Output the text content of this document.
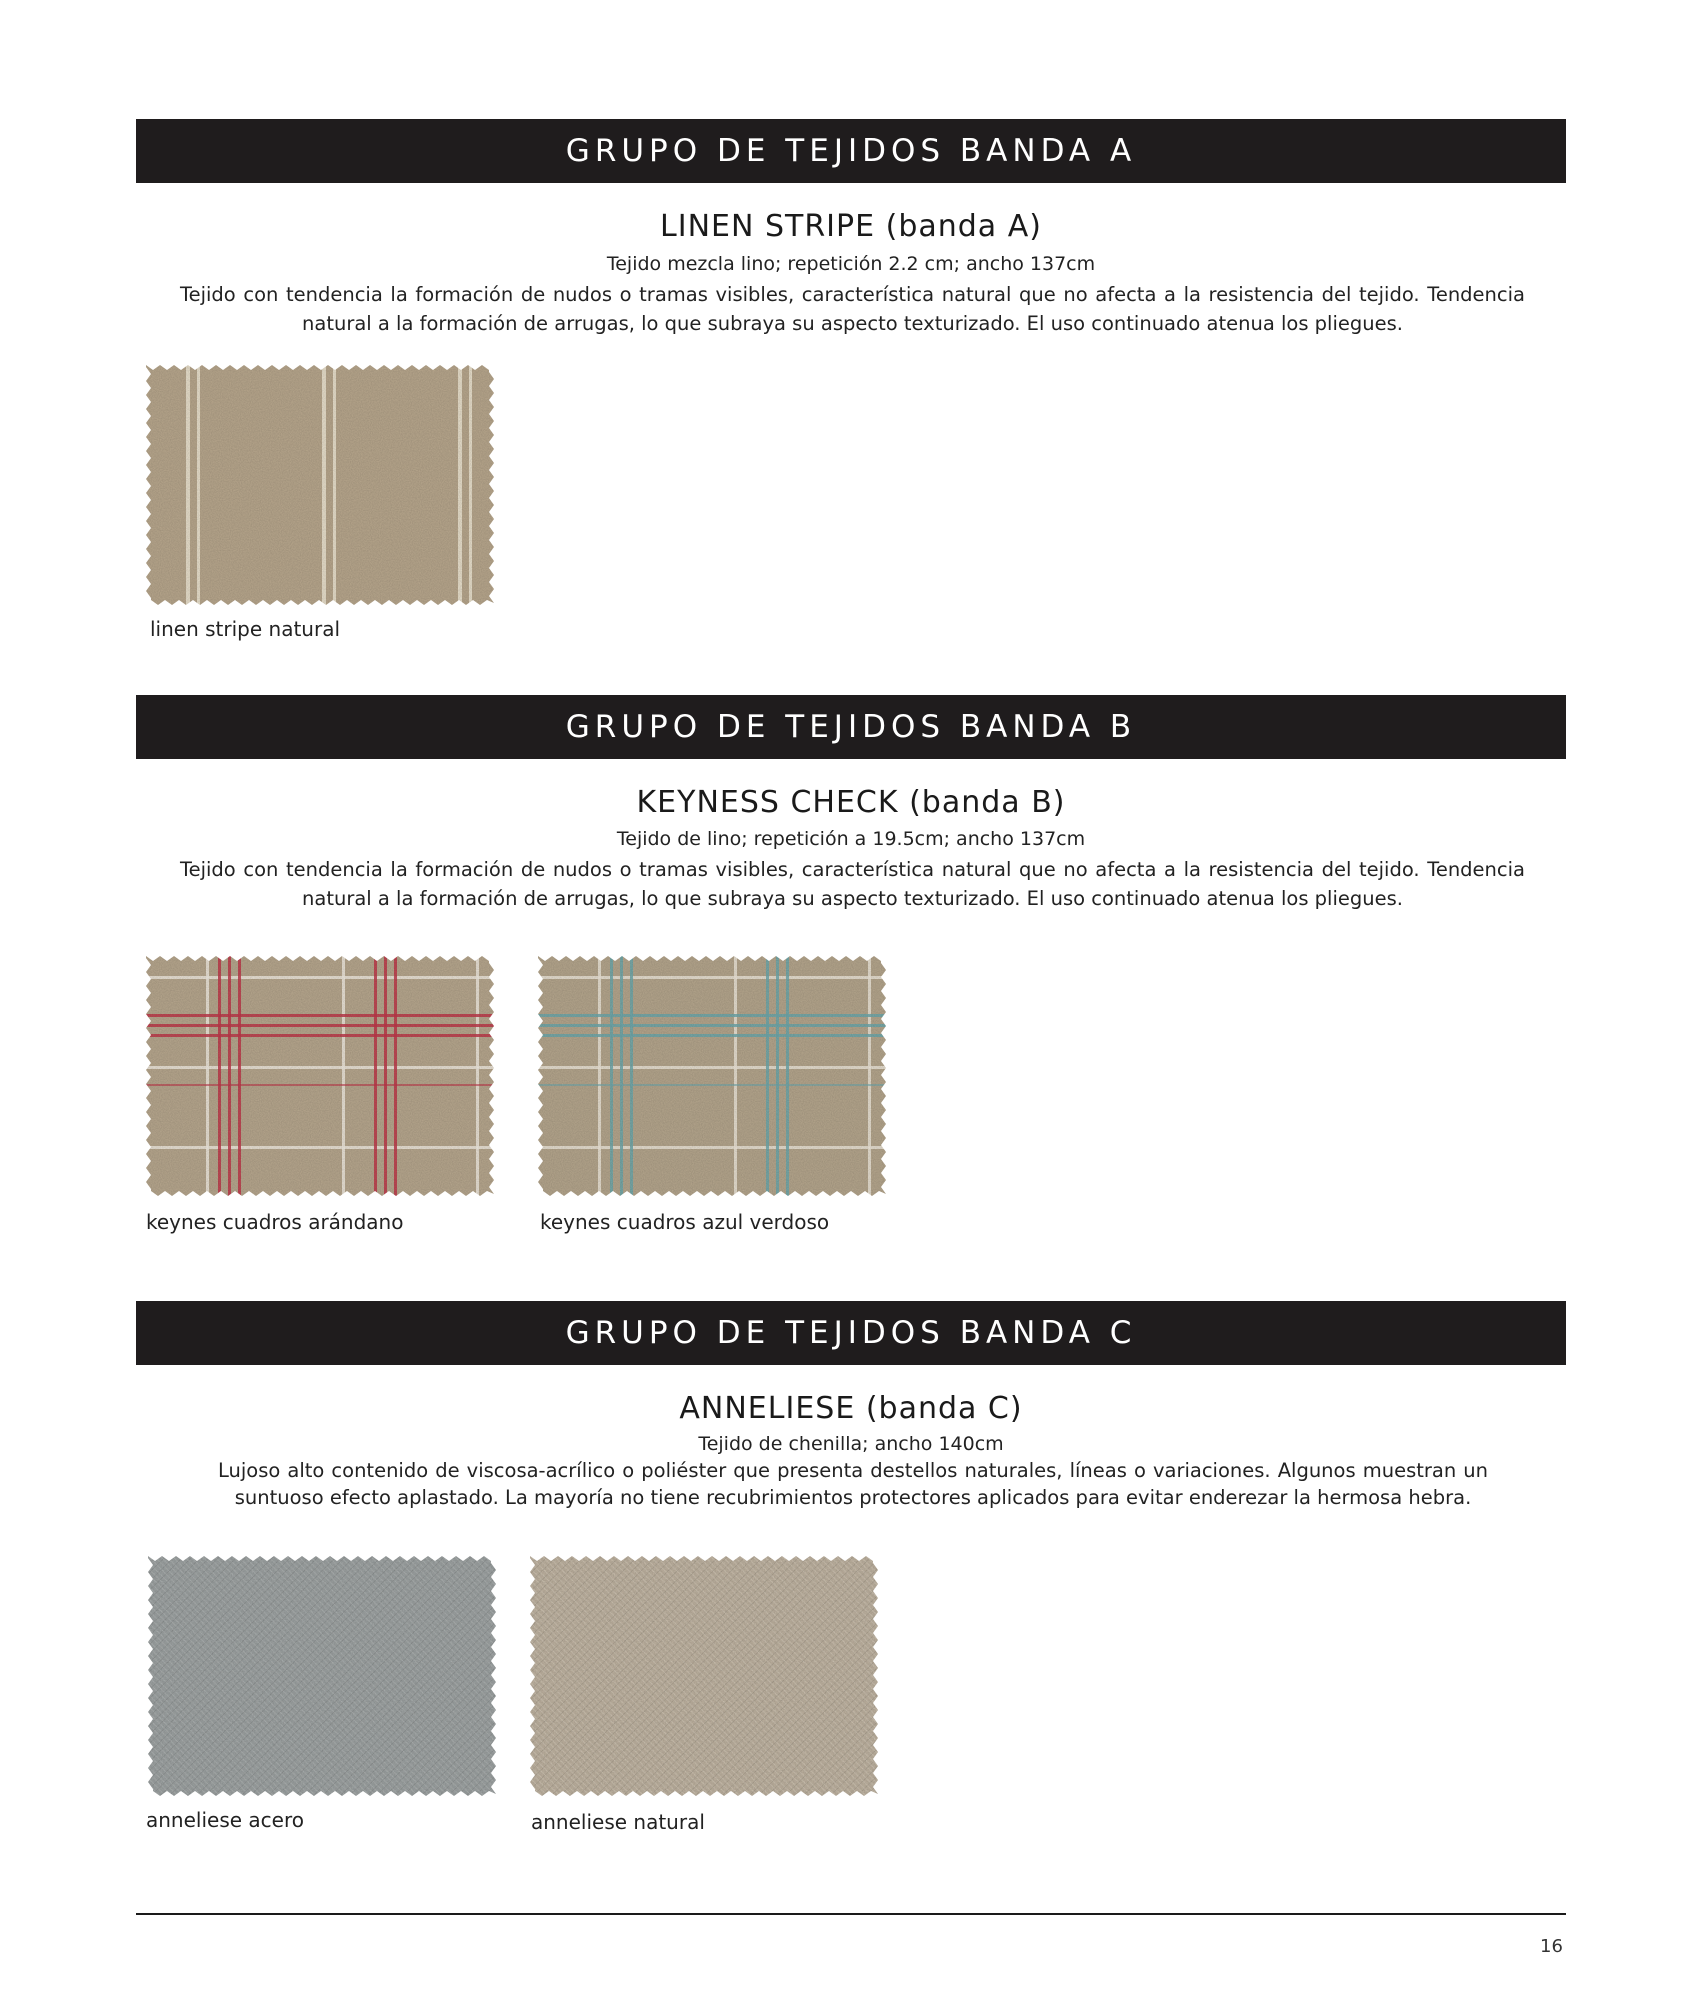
GRUPO DE TEJIDOS BANDA A
LINEN STRIPE (banda A)
Tejido mezcla lino; repetición 2.2 cm; ancho 137cm
Tejido con tendencia la formación de nudos o tramas visibles, característica natural que no afecta a la resistencia del tejido. Tendencia natural a la formación de arrugas, lo que subraya su aspecto texturizado. El uso continuado atenua los pliegues.
linen stripe natural
GRUPO DE TEJIDOS BANDA B
KEYNESS CHECK (banda B)
Tejido de lino; repetición a 19.5cm; ancho 137cm
Tejido con tendencia la formación de nudos o tramas visibles, característica natural que no afecta a la resistencia del tejido. Tendencia natural a la formación de arrugas, lo que subraya su aspecto texturizado. El uso continuado atenua los pliegues.
keynes cuadros arándano	keynes cuadros azul verdoso
GRUPO DE TEJIDOS BANDA C
ANNELIESE (banda C)
Tejido de chenilla; ancho 140cm
Lujoso alto contenido de viscosa-acrílico o poliéster que presenta destellos naturales, líneas o variaciones. Algunos muestran un suntuoso efecto aplastado. La mayoría no tiene recubrimientos protectores aplicados para evitar enderezar la hermosa hebra.
anneliese acero	anneliese natural
16
